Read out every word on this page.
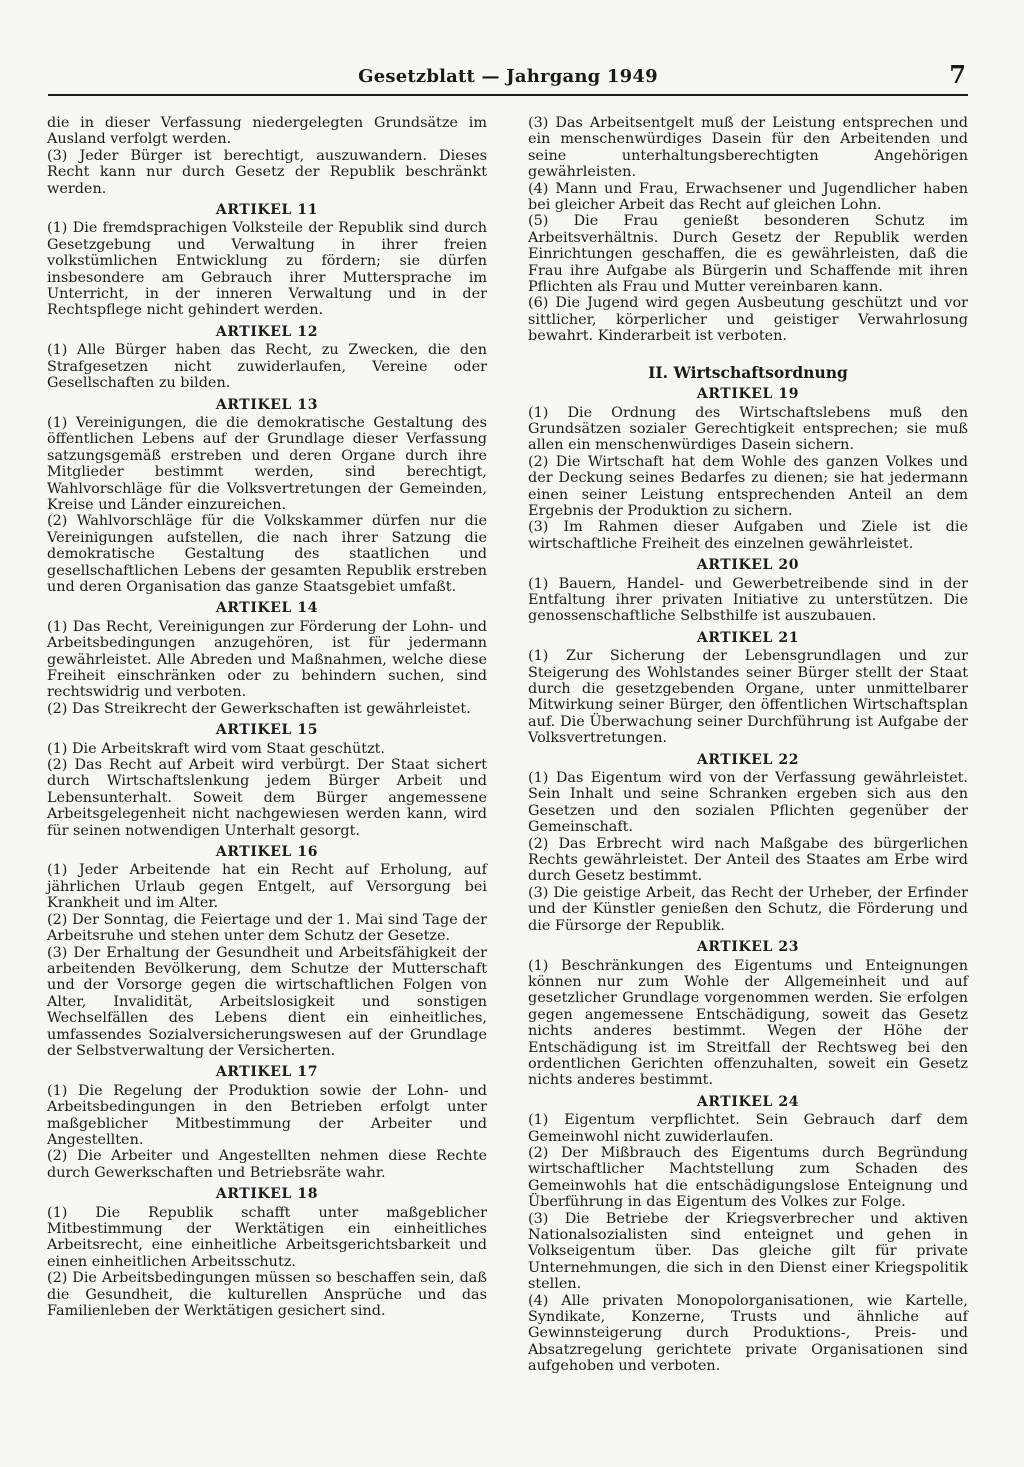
Gesetzblatt — Jahrgang 1949	7

die in dieser Verfassung niedergelegten Grundsätze im Ausland verfolgt werden.

(3) Jeder Bürger ist berechtigt, auszuwandern. Dieses Recht kann nur durch Gesetz der Republik beschränkt werden.

ARTIKEL 11

(1) Die fremdsprachigen Volksteile der Republik sind durch Gesetzgebung und Verwaltung in ihrer freien volkstümlichen Entwicklung zu fördern; sie dürfen insbesondere am Gebrauch ihrer Muttersprache im Unterricht, in der inneren Verwaltung und in der Rechtspflege nicht gehindert werden.

ARTIKEL 12

(1) Alle Bürger haben das Recht, zu Zwecken, die den Strafgesetzen nicht zuwiderlaufen, Vereine oder Gesellschaften zu bilden.

ARTIKEL 13

(1) Vereinigungen, die die demokratische Gestaltung des öffentlichen Lebens auf der Grundlage dieser Verfassung satzungsgemäß erstreben und deren Organe durch ihre Mitglieder bestimmt werden, sind berechtigt, Wahlvorschläge für die Volksvertretungen der Gemeinden, Kreise und Länder einzureichen.

(2) Wahlvorschläge für die Volkskammer dürfen nur die Vereinigungen aufstellen, die nach ihrer Satzung die demokratische Gestaltung des staatlichen und gesellschaftlichen Lebens der gesamten Republik erstreben und deren Organisation das ganze Staatsgebiet umfaßt.

ARTIKEL 14

(1) Das Recht, Vereinigungen zur Förderung der Lohn- und Arbeitsbedingungen anzugehören, ist für jedermann gewährleistet. Alle Abreden und Maßnahmen, welche diese Freiheit einschränken oder zu behindern suchen, sind rechtswidrig und verboten.

(2) Das Streikrecht der Gewerkschaften ist gewährleistet.

ARTIKEL 15

(1) Die Arbeitskraft wird vom Staat geschützt.

(2) Das Recht auf Arbeit wird verbürgt. Der Staat sichert durch Wirtschaftslenkung jedem Bürger Arbeit und Lebensunterhalt. Soweit dem Bürger angemessene Arbeitsgelegenheit nicht nachgewiesen werden kann, wird für seinen notwendigen Unterhalt gesorgt.

ARTIKEL 16

(1) Jeder Arbeitende hat ein Recht auf Erholung, auf jährlichen Urlaub gegen Entgelt, auf Versorgung bei Krankheit und im Alter.

(2) Der Sonntag, die Feiertage und der 1. Mai sind Tage der Arbeitsruhe und stehen unter dem Schutz der Gesetze.

(3) Der Erhaltung der Gesundheit und Arbeitsfähigkeit der arbeitenden Bevölkerung, dem Schutze der Mutterschaft und der Vorsorge gegen die wirtschaftlichen Folgen von Alter, Invalidität, Arbeitslosigkeit und sonstigen Wechselfällen des Lebens dient ein einheitliches, umfassendes Sozialversicherungswesen auf der Grundlage der Selbstverwaltung der Versicherten.

ARTIKEL 17

(1) Die Regelung der Produktion sowie der Lohn- und Arbeitsbedingungen in den Betrieben erfolgt unter maßgeblicher Mitbestimmung der Arbeiter und Angestellten.

(2) Die Arbeiter und Angestellten nehmen diese Rechte durch Gewerkschaften und Betriebsräte wahr.

ARTIKEL 18

(1) Die Republik schafft unter maßgeblicher Mitbestimmung der Werktätigen ein einheitliches Arbeitsrecht, eine einheitliche Arbeitsgerichtsbarkeit und einen einheitlichen Arbeitsschutz.

(2) Die Arbeitsbedingungen müssen so beschaffen sein, daß die Gesundheit, die kulturellen Ansprüche und das Familienleben der Werktätigen gesichert sind.

(3) Das Arbeitsentgelt muß der Leistung entsprechen und ein menschenwürdiges Dasein für den Arbeitenden und seine unterhaltungsberechtigten Angehörigen gewährleisten.

(4) Mann und Frau, Erwachsener und Jugendlicher haben bei gleicher Arbeit das Recht auf gleichen Lohn.

(5) Die Frau genießt besonderen Schutz im Arbeitsverhältnis. Durch Gesetz der Republik werden Einrichtungen geschaffen, die es gewährleisten, daß die Frau ihre Aufgabe als Bürgerin und Schaffende mit ihren Pflichten als Frau und Mutter vereinbaren kann.

(6) Die Jugend wird gegen Ausbeutung geschützt und vor sittlicher, körperlicher und geistiger Verwahrlosung bewahrt. Kinderarbeit ist verboten.

II. Wirtschaftsordnung
ARTIKEL 19

(1) Die Ordnung des Wirtschaftslebens muß den Grundsätzen sozialer Gerechtigkeit entsprechen; sie muß allen ein menschenwürdiges Dasein sichern.

(2) Die Wirtschaft hat dem Wohle des ganzen Volkes und der Deckung seines Bedarfes zu dienen; sie hat jedermann einen seiner Leistung entsprechenden Anteil an dem Ergebnis der Produktion zu sichern.

(3) Im Rahmen dieser Aufgaben und Ziele ist die wirtschaftliche Freiheit des einzelnen gewährleistet.

ARTIKEL 20

(1) Bauern, Handel- und Gewerbetreibende sind in der Entfaltung ihrer privaten Initiative zu unterstützen. Die genossenschaftliche Selbsthilfe ist auszubauen.

ARTIKEL 21

(1) Zur Sicherung der Lebensgrundlagen und zur Steigerung des Wohlstandes seiner Bürger stellt der Staat durch die gesetzgebenden Organe, unter unmittelbarer Mitwirkung seiner Bürger, den öffentlichen Wirtschaftsplan auf. Die Überwachung seiner Durchführung ist Aufgabe der Volksvertretungen.

ARTIKEL 22

(1) Das Eigentum wird von der Verfassung gewährleistet. Sein Inhalt und seine Schranken ergeben sich aus den Gesetzen und den sozialen Pflichten gegenüber der Gemeinschaft.

(2) Das Erbrecht wird nach Maßgabe des bürgerlichen Rechts gewährleistet. Der Anteil des Staates am Erbe wird durch Gesetz bestimmt.

(3) Die geistige Arbeit, das Recht der Urheber, der Erfinder und der Künstler genießen den Schutz, die Förderung und die Fürsorge der Republik.

ARTIKEL 23

(1) Beschränkungen des Eigentums und Enteignungen können nur zum Wohle der Allgemeinheit und auf gesetzlicher Grundlage vorgenommen werden. Sie erfolgen gegen angemessene Entschädigung, soweit das Gesetz nichts anderes bestimmt. Wegen der Höhe der Entschädigung ist im Streitfall der Rechtsweg bei den ordentlichen Gerichten offenzuhalten, soweit ein Gesetz nichts anderes bestimmt.

ARTIKEL 24

(1) Eigentum verpflichtet. Sein Gebrauch darf dem Gemeinwohl nicht zuwiderlaufen.

(2) Der Mißbrauch des Eigentums durch Begründung wirtschaftlicher Machtstellung zum Schaden des Gemeinwohls hat die entschädigungslose Enteignung und Überführung in das Eigentum des Volkes zur Folge.

(3) Die Betriebe der Kriegsverbrecher und aktiven Nationalsozialisten sind enteignet und gehen in Volkseigentum über. Das gleiche gilt für private Unternehmungen, die sich in den Dienst einer Kriegspolitik stellen.

(4) Alle privaten Monopolorganisationen, wie Kartelle, Syndikate, Konzerne, Trusts und ähnliche auf Gewinnsteigerung durch Produktions-, Preis- und Absatzregelung gerichtete private Organisationen sind aufgehoben und verboten.
